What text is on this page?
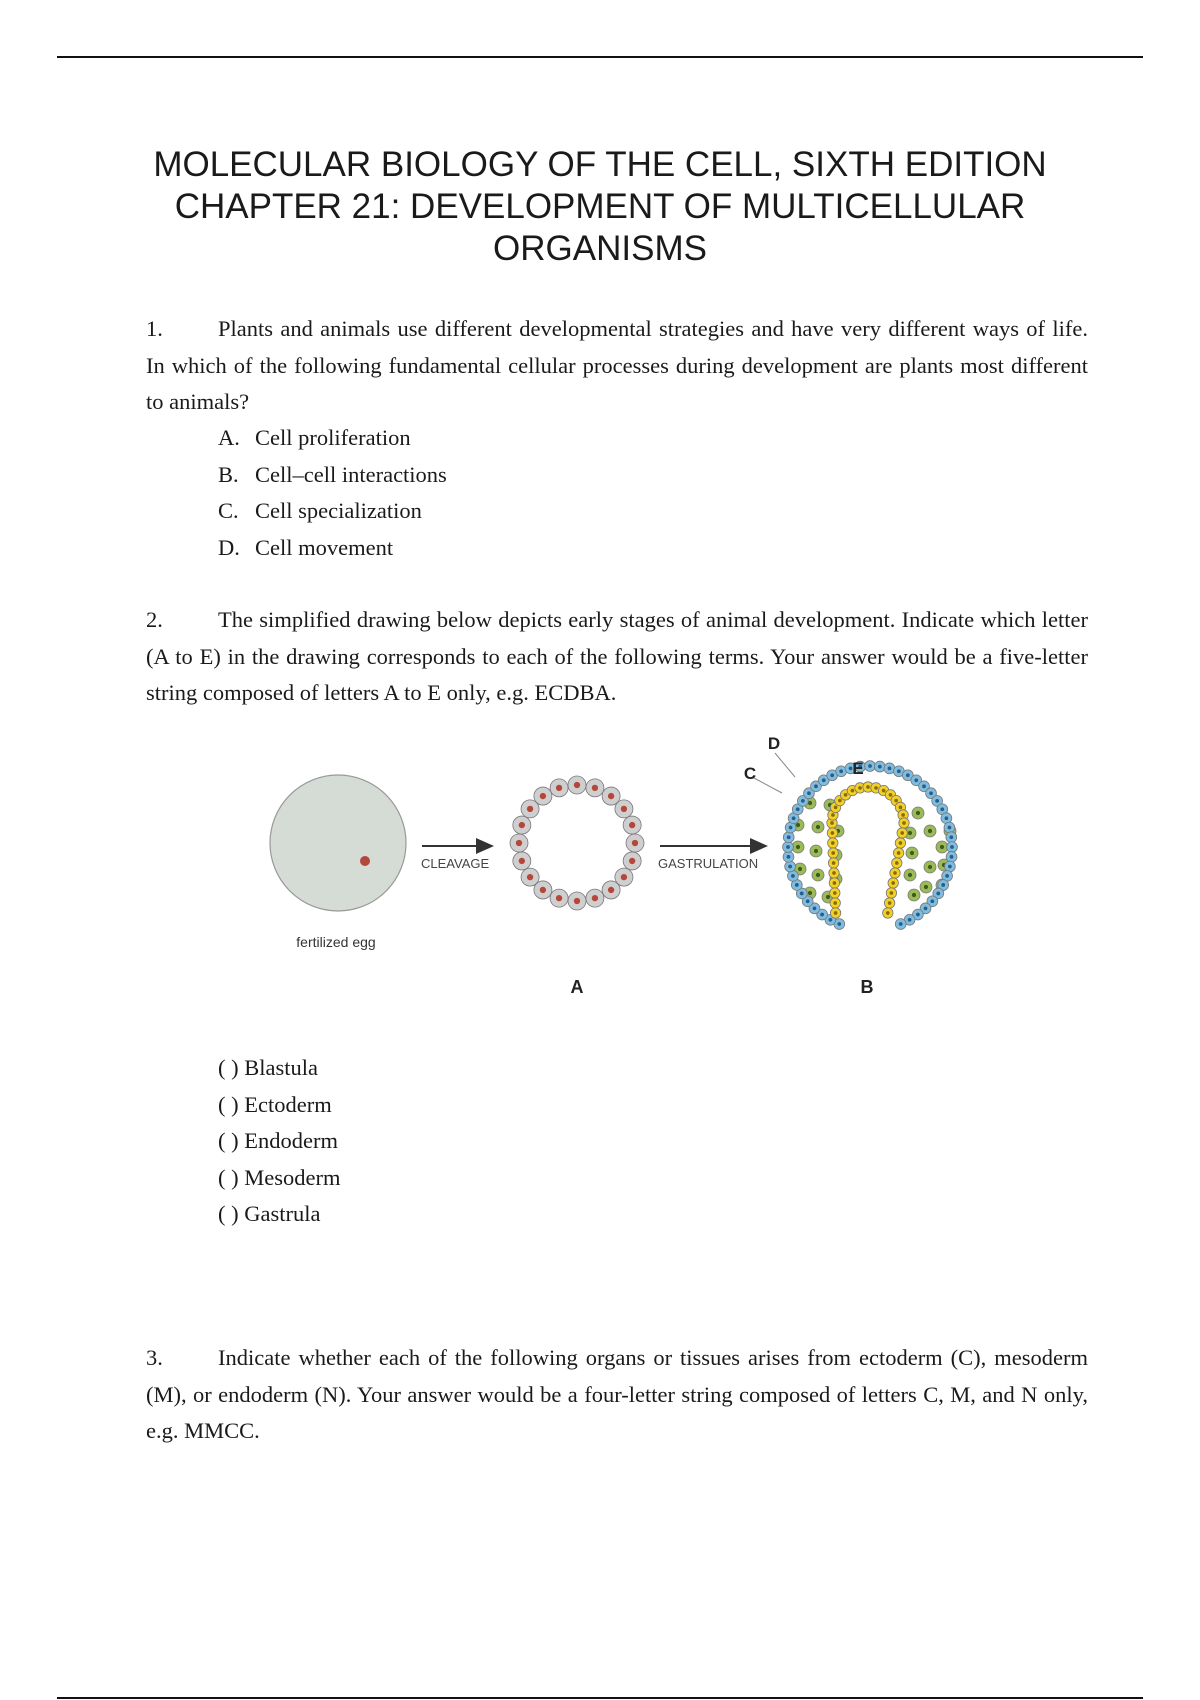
MOLECULAR BIOLOGY OF THE CELL, SIXTH EDITION
CHAPTER 21: DEVELOPMENT OF MULTICELLULAR
ORGANISMS

1. Plants and animals use different developmental strategies and have very different ways of life. In which of the following fundamental cellular processes during development are plants most different to animals?

A. Cell proliferation
B. Cell–cell interactions
C. Cell specialization
D. Cell movement

2. The simplified drawing below depicts early stages of animal development. Indicate which letter (A to E) in the drawing corresponds to each of the following terms. Your answer would be a five-letter string composed of letters A to E only, e.g. ECDBA.

fertilized egg
CLEAVAGE
A
GASTRULATION
D
C	E
B
( ) Blastula
( ) Ectoderm
( ) Endoderm
( ) Mesoderm
( ) Gastrula

3. Indicate whether each of the following organs or tissues arises from ectoderm (C), mesoderm (M), or endoderm (N). Your answer would be a four-letter string composed of letters C, M, and N only, e.g. MMCC.
